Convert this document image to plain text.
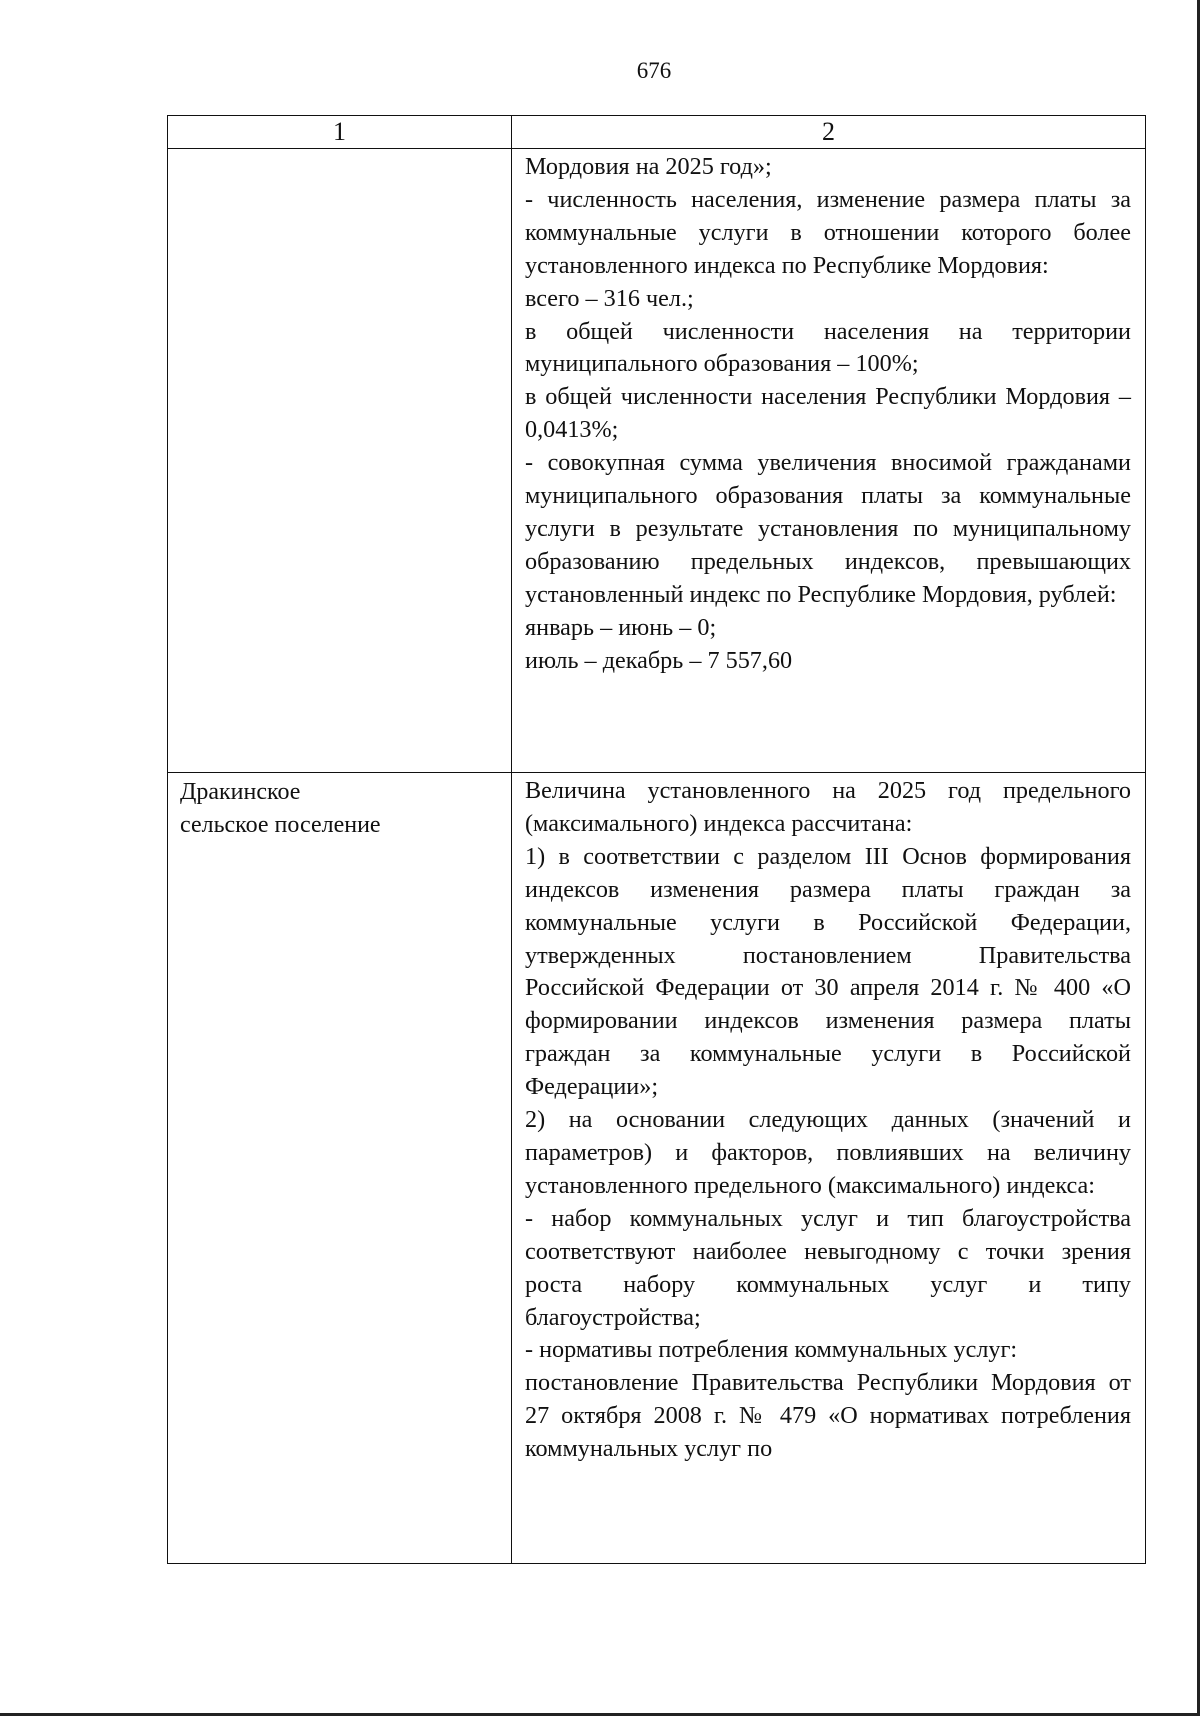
676
1	2

Мордовия на 2025 год»;

- численность населения, изменение размера платы за коммунальные услуги в отношении которого более установленного индекса по Республике Мордовия:

всего – 316 чел.;

в общей численности населения на территории муниципального образования – 100%;

в общей численности населения Республики Мордовия – 0,0413%;

- совокупная сумма увеличения вносимой гражданами муниципального образования платы за коммунальные услуги в результате установления по муниципальному образованию предельных индексов, превышающих установленный индекс по Республике Мордовия, рублей:

январь – июнь – 0;

июль – декабрь – 7 557,60

Дракинское
сельское поселение

Величина установленного на 2025 год предельного (максимального) индекса рассчитана:

1) в соответствии с разделом III Основ формирования индексов изменения размера платы граждан за коммунальные услуги в Российской Федерации, утвержденных постановлением Правительства Российской Федерации от 30 апреля 2014 г. № 400 «О формировании индексов изменения размера платы граждан за коммунальные услуги в Российской Федерации»;

2) на основании следующих данных (значений и параметров) и факторов, повлиявших на величину установленного предельного (максимального) индекса:

- набор коммунальных услуг и тип благоустройства соответствуют наиболее невыгодному с точки зрения роста набору коммунальных услуг и типу благоустройства;

- нормативы потребления коммунальных услуг:

постановление Правительства Республики Мордовия от 27 октября 2008 г. № 479 «О нормативах потребления коммунальных услуг по
